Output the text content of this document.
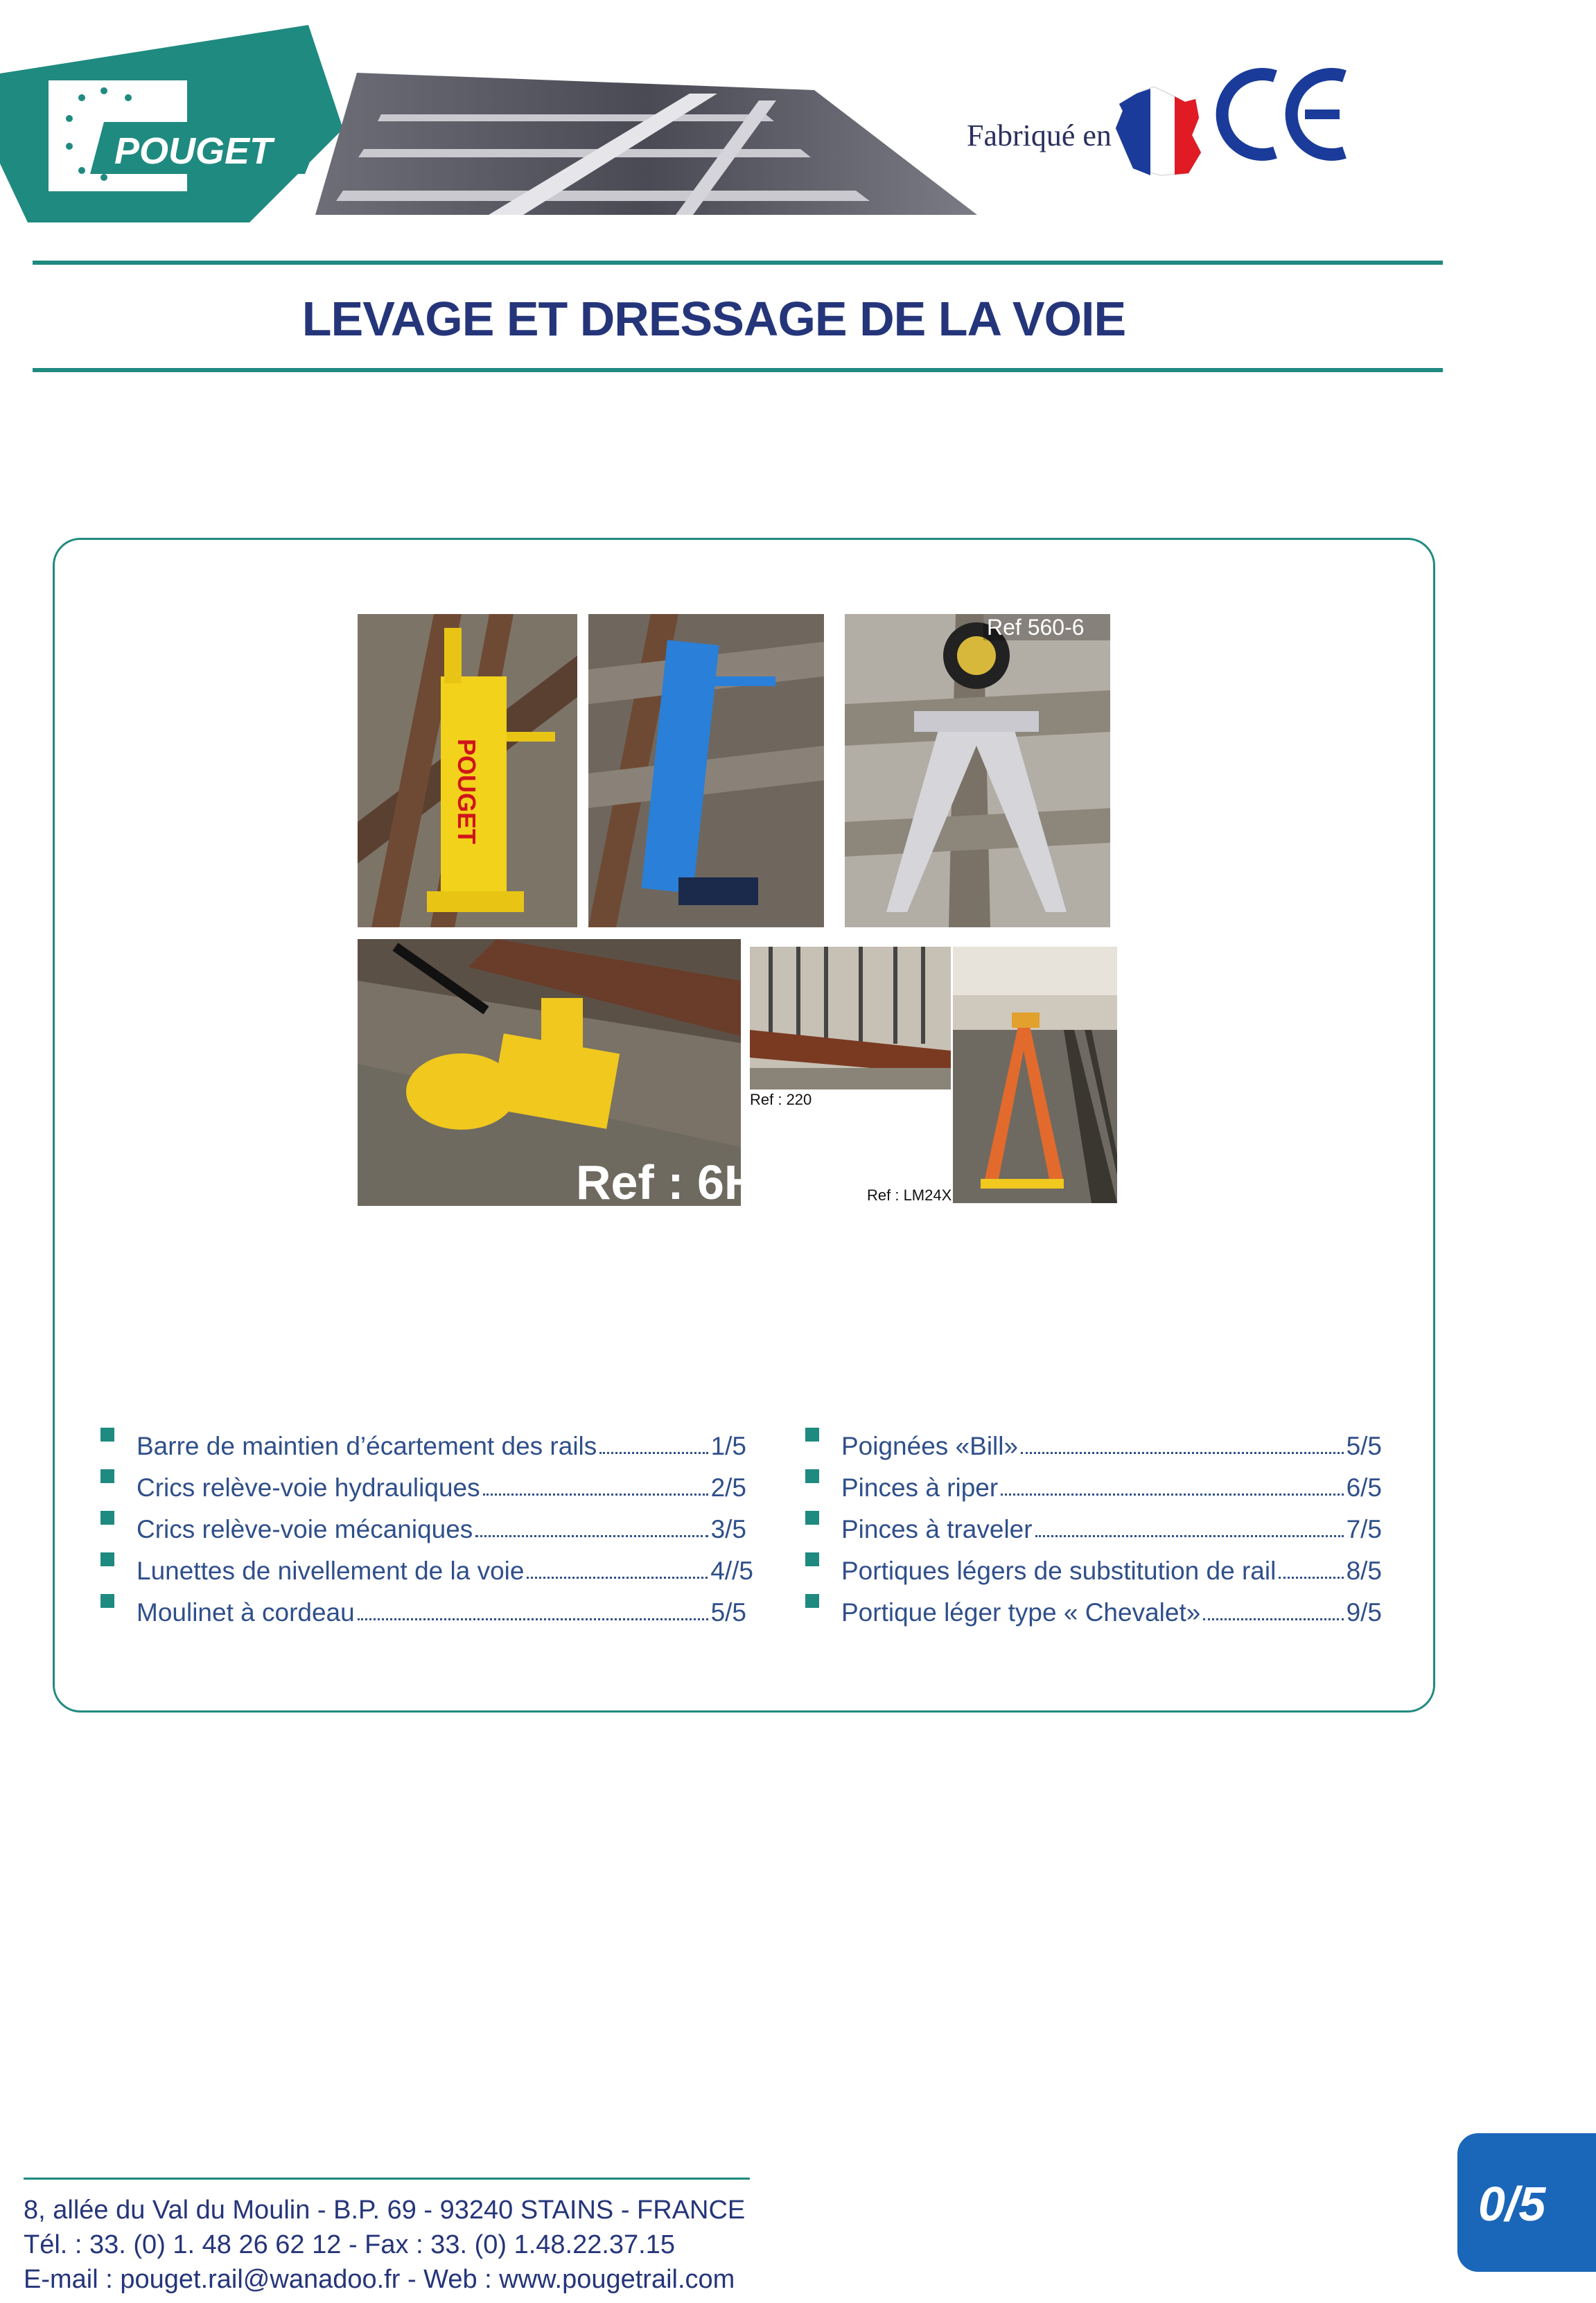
POUGET	Fabriqué en
LEVAGE ET DRESSAGE DE LA VOIE
POUGET
Ref 560-6
Ref : 6H
Ref : 220
Ref : LM24X
Barre de maintien d’écartement des rails	1/5
Crics relève-voie hydrauliques	2/5
Crics relève-voie mécaniques	3/5
Lunettes de nivellement de la voie	4//5
Moulinet à cordeau	5/5
Poignées «Bill»	5/5
Pinces à riper	6/5
Pinces à traveler	7/5
Portiques légers de substitution de rail	8/5
Portique léger type « Chevalet»	9/5
8, allée du Val du Moulin - B.P. 69 - 93240 STAINS - FRANCE
Tél. : 33. (0) 1. 48 26 62 12 - Fax : 33. (0) 1.48.22.37.15
E-mail : pouget.rail@wanadoo.fr - Web : www.pougetrail.com
0/5
